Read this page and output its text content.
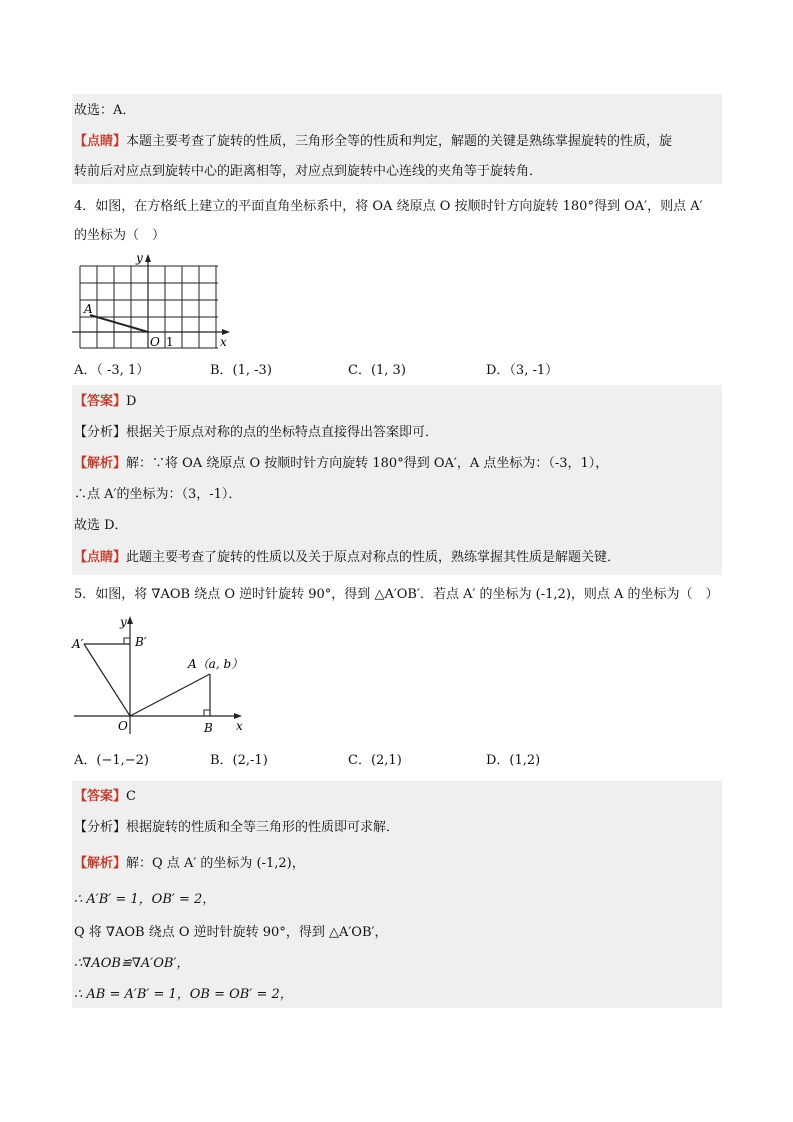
故选：A．
【点睛】本题主要考查了旋转的性质，三角形全等的性质和判定，解题的关键是熟练掌握旋转的性质，旋
转前后对应点到旋转中心的距离相等，对应点到旋转中心连线的夹角等于旋转角．
4．如图，在方格纸上建立的平面直角坐标系中，将 OA 绕原点 O 按顺时针方向旋转 180°得到 OA′，则点 A′
的坐标为（　）
y
x
O 1
A
A．（ -3, 1）	B．(1, -3)	C．(1, 3)	D．（3, -1）
【答案】D
【分析】根据关于原点对称的点的坐标特点直接得出答案即可．
【解析】解：∵将 OA 绕原点 O 按顺时针方向旋转 180°得到 OA′，A 点坐标为：（-3，1），
∴点 A′的坐标为：（3，-1）．
故选 D．
【点睛】此题主要考查了旋转的性质以及关于原点对称点的性质，熟练掌握其性质是解题关键．
5．如图，将 ∇AOB 绕点 O 逆时针旋转 90°，得到 △A′OB′．若点 A′ 的坐标为 (-1,2)，则点 A 的坐标为（　）
A′	B′
y
A（a, b）
O	B x
A．(−1,−2)	B．(2,-1)	C．(2,1)	D．(1,2)
【答案】C
【分析】根据旋转的性质和全等三角形的性质即可求解．
【解析】解：Q 点 A′ 的坐标为 (-1,2)，
∴ A′B′ = 1，OB′ = 2，
Q 将 ∇AOB 绕点 O 逆时针旋转 90°，得到 △A′OB′，
∴∇AOB≌∇A′OB′，
∴ AB = A′B′ = 1，OB = OB′ = 2，
